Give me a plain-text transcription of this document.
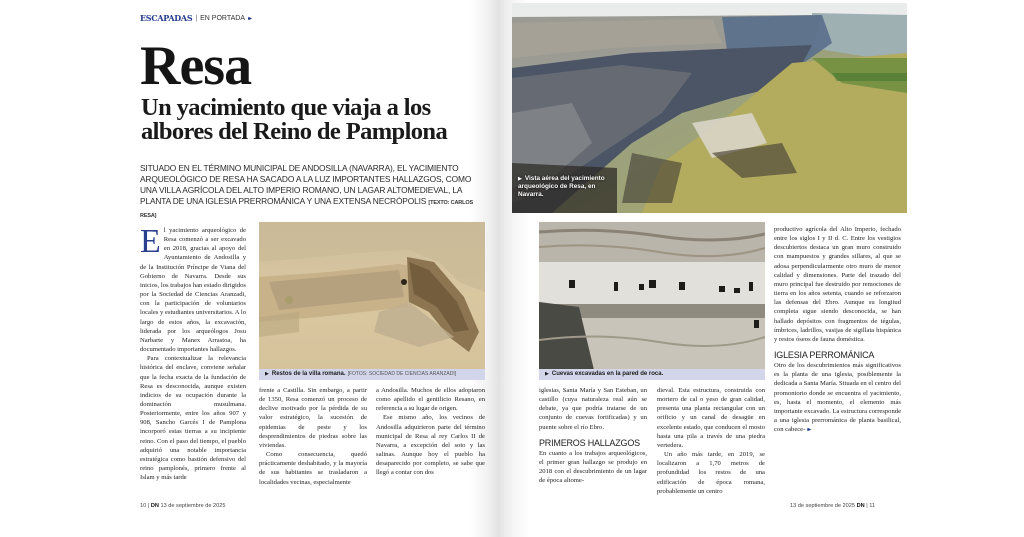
ESCAPADAS | EN PORTADA ▸▸
Resa
Un yacimiento que viaja a los albores del Reino de Pamplona
SITUADO EN EL TÉRMINO MUNICIPAL DE ANDOSILLA (NAVARRA), EL YACIMIENTO ARQUEOLÓGICO DE RESA HA SACADO A LA LUZ IMPORTANTES HALLAZGOS, COMO UNA VILLA AGRÍCOLA DEL ALTO IMPERIO ROMANO, UN LAGAR ALTOMEDIEVAL, LA PLANTA DE UNA IGLESIA PRERROMÁNICA Y UNA EXTENSA NECRÓPOLIS [TEXTO: CARLOS RESA]

El yacimiento arqueológico de Resa comenzó a ser excavado en 2018, gracias al apoyo del Ayuntamiento de Andosilla y de la Institución Príncipe de Viana del Gobierno de Navarra. Desde sus inicios, los trabajos han estado dirigidos por la Sociedad de Ciencias Aranzadi, con la participación de voluntarios locales y estudiantes universitarios. A lo largo de estos años, la excavación, liderada por los arqueólogos Josu Narbarte y Manex Arrastoa, ha documentado importantes hallazgos.

Para contextualizar la relevancia histórica del enclave, conviene señalar que la fecha exacta de la fundación de Resa es desconocida, aunque existen indicios de su ocupación durante la dominación musulmana. Posteriormente, entre los años 907 y 908, Sancho Garcés I de Pamplona incorporó estas tierras a su incipiente reino. Con el paso del tiempo, el pueblo adquirió una notable importancia estratégica como bastión defensivo del reino pamplonés, primero frente al Islam y más tarde

▶ Restos de la villa romana. [FOTOS: SOCIEDAD DE CIENCIAS ARANZADI]

frente a Castilla. Sin embargo, a partir de 1350, Resa comenzó un proceso de declive motivado por la pérdida de su valor estratégico, la sucesión de epidemias de peste y los desprendimientos de piedras sobre las viviendas.

Como consecuencia, quedó prácticamente deshabitado, y la mayoría de sus habitantes se trasladaron a localidades vecinas, especialmente

a Andosilla. Muchos de ellos adoptaron como apellido el gentilicio Resano, en referencia a su lugar de origen.

Ese mismo año, los vecinos de Andosilla adquirieron parte del término municipal de Resa al rey Carlos II de Navarra, a excepción del soto y las salinas. Aunque hoy el pueblo ha desaparecido por completo, se sabe que llegó a contar con dos

10 | DN 13 de septiembre de 2025
▶ Vista aérea del yacimiento arqueológico de Resa, en Navarra.
▶ Cuevas excavadas en la pared de roca.

iglesias, Santa María y San Esteban, un castillo (cuya naturaleza real aún se debate, ya que podría tratarse de un conjunto de cuevas fortificadas) y un puente sobre el río Ebro.

PRIMEROS HALLAZGOS

En cuanto a los trabajos arqueológicos, el primer gran hallazgo se produjo en 2018 con el descubrimiento de un lagar de época altome-

dieval. Esta estructura, construida con mortero de cal o yeso de gran calidad, presenta una planta rectangular con un orificio y un canal de desagüe en excelente estado, que conducen el mosto hasta una pila a través de una piedra vertedera.

Un año más tarde, en 2019, se localizaron a 1,70 metros de profundidad los restos de una edificación de época romana, probablemente un centro

productivo agrícola del Alto Imperio, fechado entre los siglos I y II d. C. Entre los vestigios descubiertos destaca un gran muro construido con mampuestos y grandes sillares, al que se adosa perpendicularmente otro muro de menor calidad y dimensiones. Parte del trazado del muro principal fue destruido por remociones de tierra en los años setenta, cuando se reforzaron las defensas del Ebro. Aunque su longitud completa sigue siendo desconocida, se han hallado depósitos con fragmentos de tégulas, ímbrices, ladrillos, vasijas de sigillata hispánica y restos óseos de fauna doméstica.

IGLESIA PERROMÁNICA

Otro de los descubrimientos más significativos es la planta de una iglesia, posiblemente la dedicada a Santa María. Situada en el centro del promontorio donde se encuentra el yacimiento, es, hasta el momento, el elemento más importante excavado. La estructura corresponde a una iglesia prerrománica de planta basilical, con cabece- ▸▸

13 de septiembre de 2025 DN | 11
